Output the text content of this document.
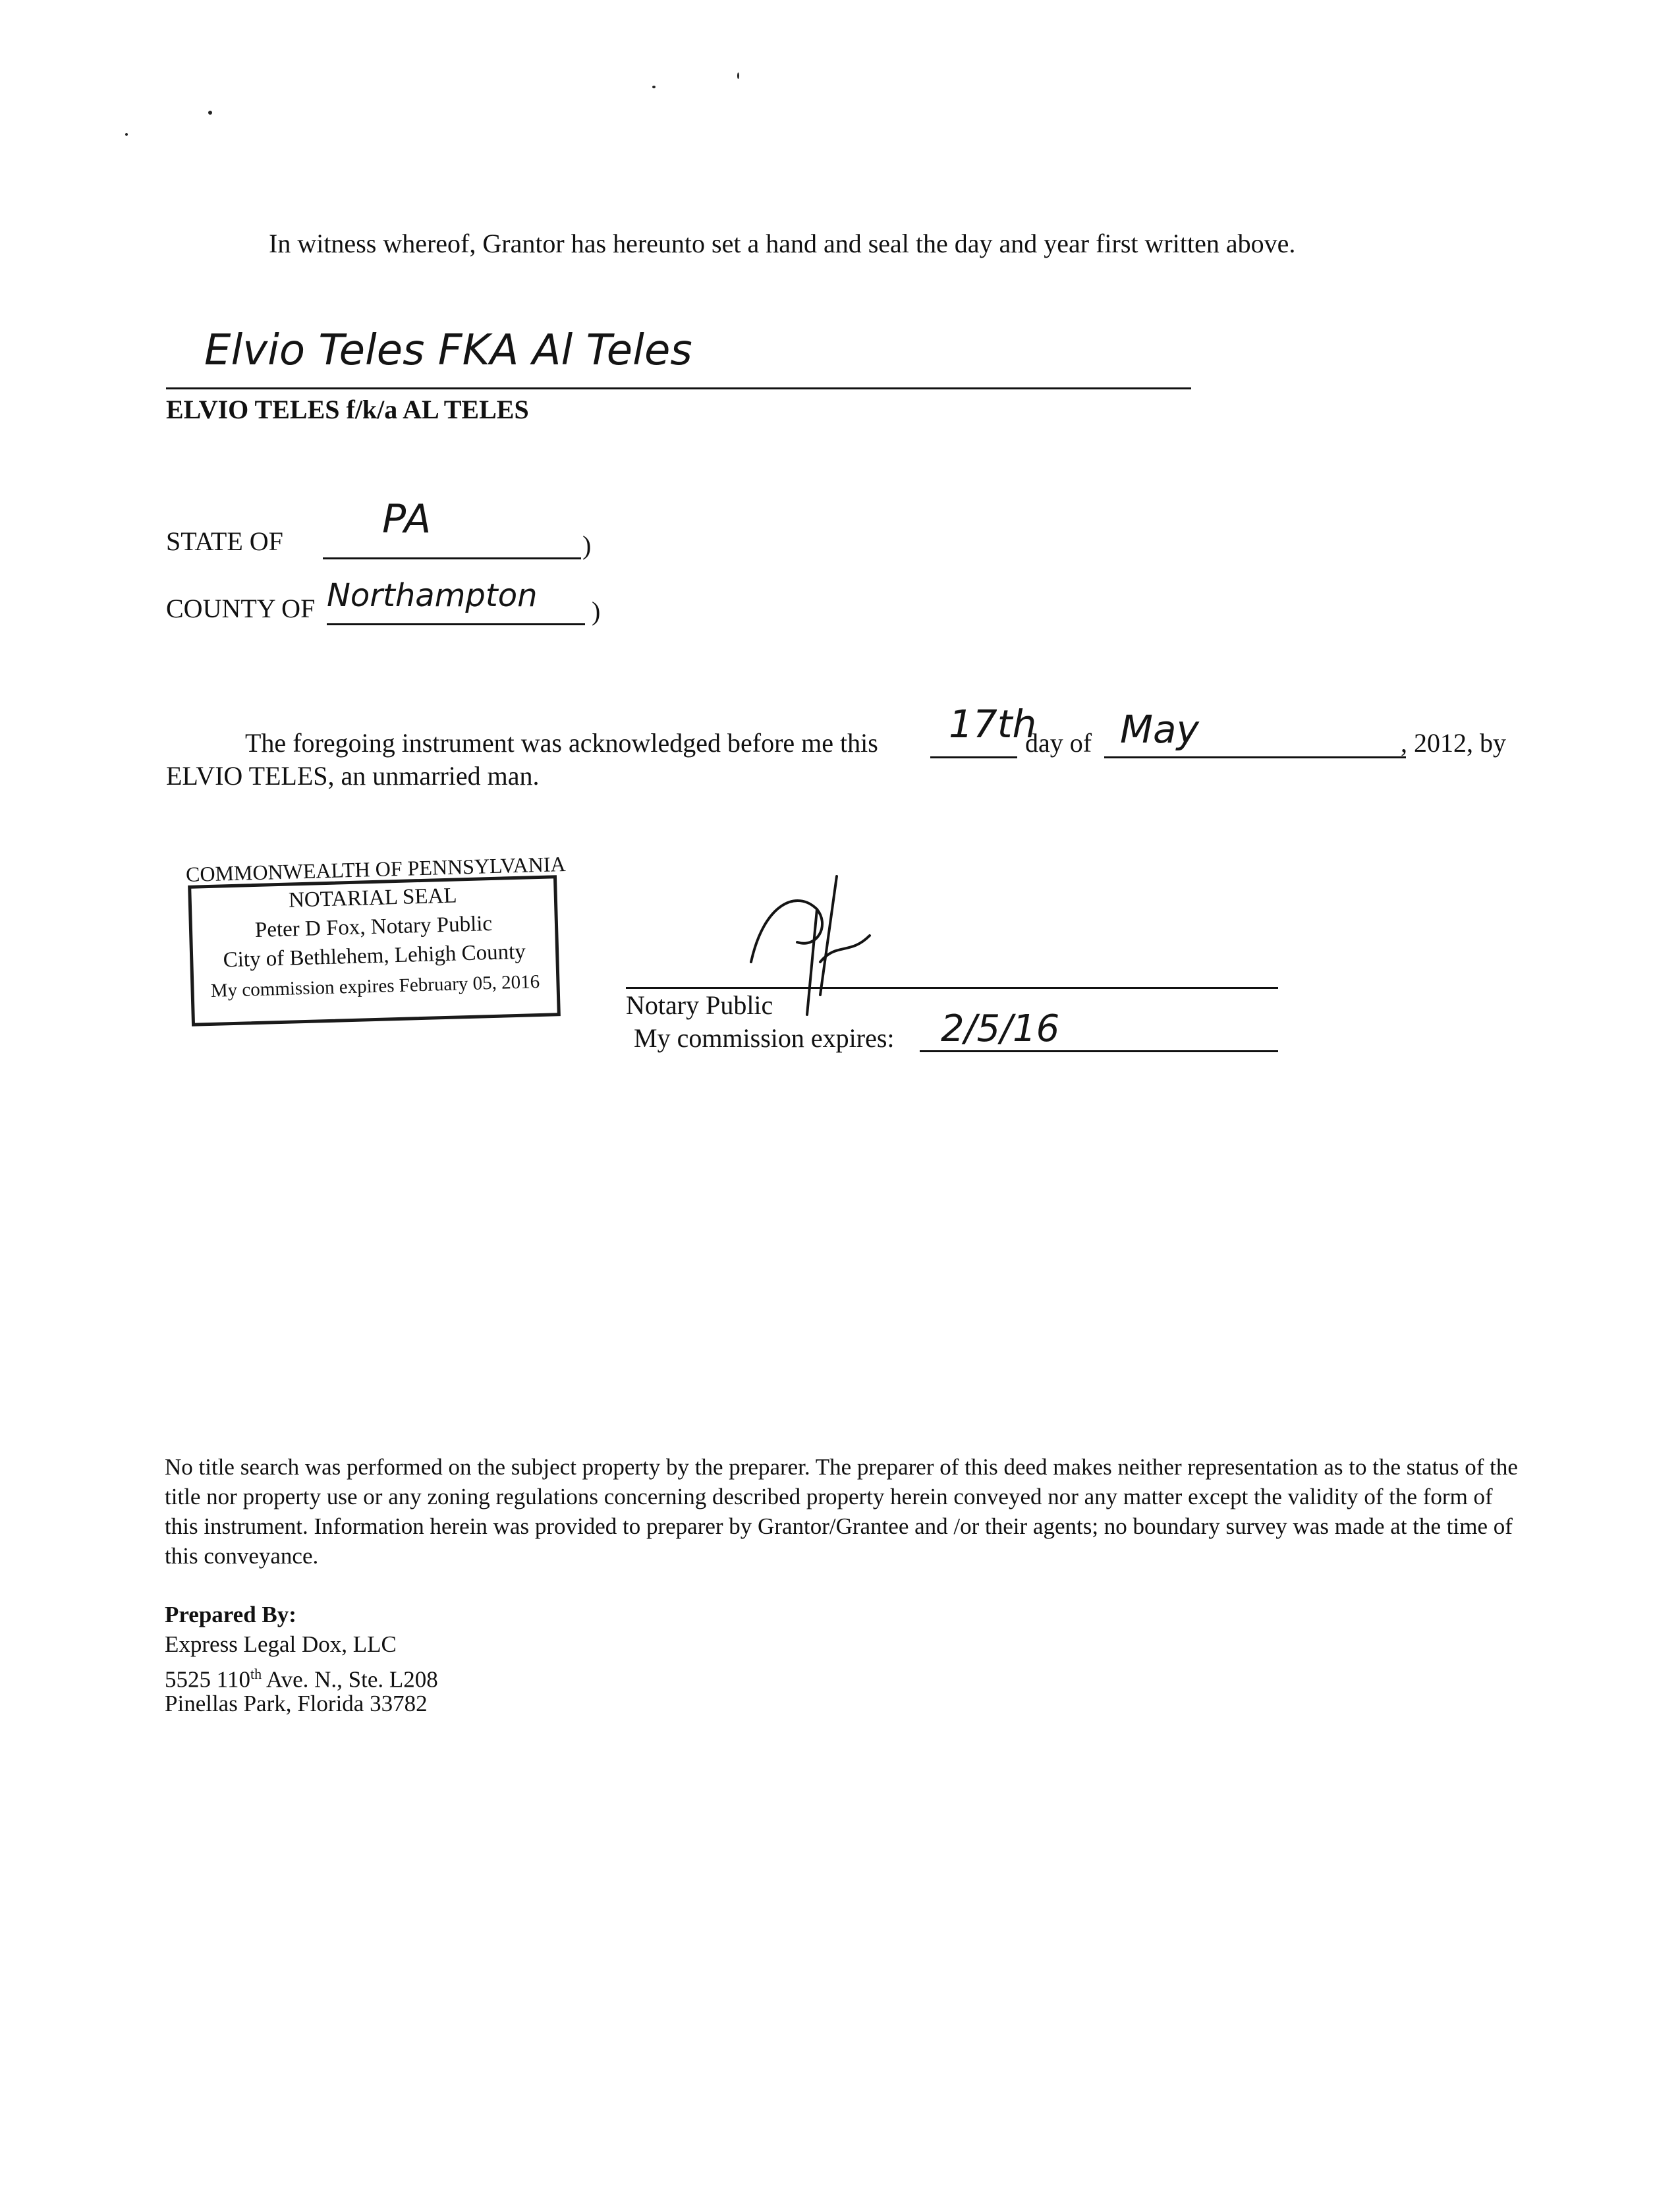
In witness whereof, Grantor has hereunto set a hand and seal the day and year first written above.
Elvio Teles FKA Al Teles
ELVIO TELES f/k/a AL TELES
STATE OF	PA
)
COUNTY OF Northampton )
The foregoing instrument was acknowledged before me this 17th
day of May	, 2012, by
ELVIO TELES, an unmarried man.
COMMONWEALTH OF PENNSYLVANIA
NOTARIAL SEAL
Peter D Fox, Notary Public
City of Bethlehem, Lehigh County
My commission expires February 05, 2016
Notary Public
My commission expires: 2/5/16
No title search was performed on the subject property by the preparer. The preparer of this deed makes neither representation as to the status of the title nor property use or any zoning regulations concerning described property herein conveyed nor any matter except the validity of the form of this instrument. Information herein was provided to preparer by Grantor/Grantee and /or their agents; no boundary survey was made at the time of this conveyance.
Prepared By:
Express Legal Dox, LLC
5525 110th Ave. N., Ste. L208
Pinellas Park, Florida 33782
